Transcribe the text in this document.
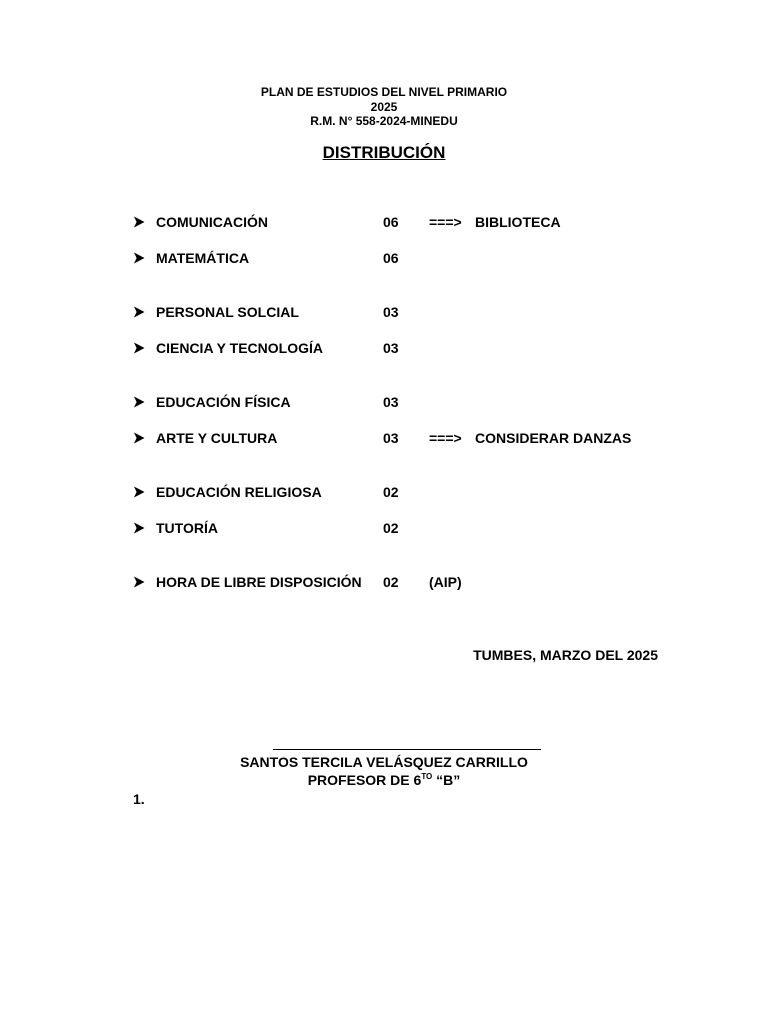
PLAN DE ESTUDIOS DEL NIVEL PRIMARIO
2025
R.M. N° 558-2024-MINEDU
DISTRIBUCIÓN
COMUNICACIÓN	06 ===> BIBLIOTECA
MATEMÁTICA	06
PERSONAL SOLCIAL	03
CIENCIA Y TECNOLOGÍA	03
EDUCACIÓN FÍSICA	03
ARTE Y CULTURA	03 ===> CONSIDERAR DANZAS
EDUCACIÓN RELIGIOSA	02
TUTORÍA	02
HORA DE LIBRE DISPOSICIÓN 02 (AIP)
TUMBES, MARZO DEL 2025
SANTOS TERCILA VELÁSQUEZ CARRILLO
PROFESOR DE $6^{TO}$ “B”
1.
